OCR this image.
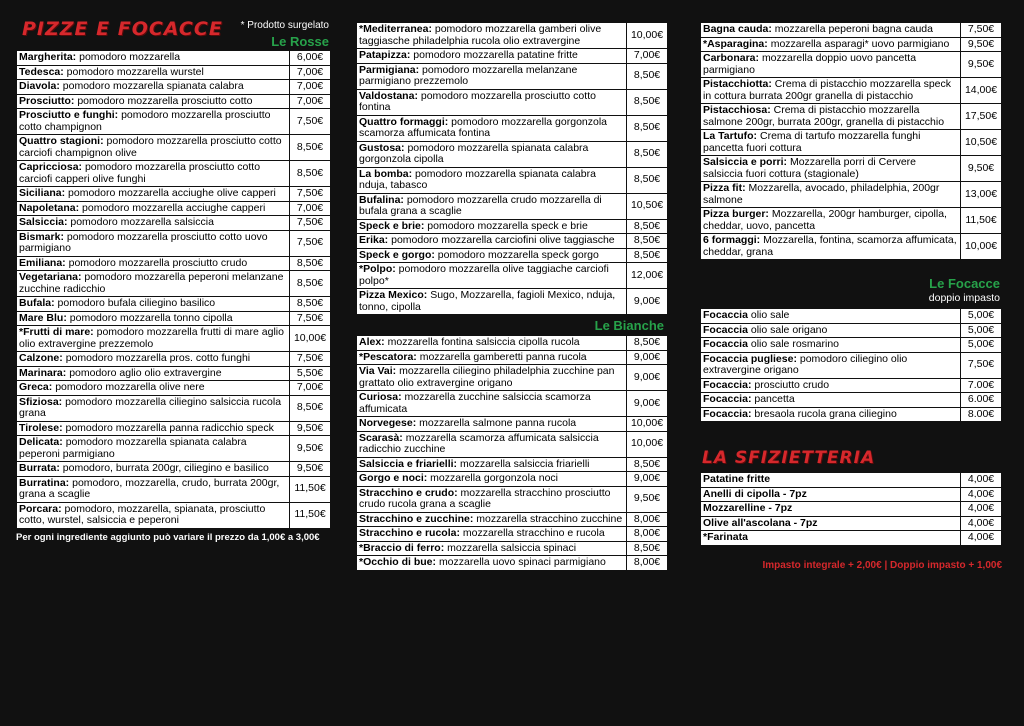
PIZZE E FOCACCE * Prodotto surgelato
Le Rosse
Margherita: pomodoro mozzarella	6,00€
Tedesca: pomodoro mozzarella wurstel	7,00€
Diavola: pomodoro mozzarella spianata calabra	7,00€
Prosciutto: pomodoro mozzarella prosciutto cotto	7,00€
Prosciutto e funghi: pomodoro mozzarella prosciutto cotto champignon	7,50€
Quattro stagioni: pomodoro mozzarella prosciutto cotto carciofi champignon olive	8,50€
Capricciosa: pomodoro mozzarella prosciutto cotto carciofi capperi olive funghi	8,50€
Siciliana: pomodoro mozzarella acciughe olive capperi	7,50€
Napoletana: pomodoro mozzarella acciughe capperi	7,00€
Salsiccia: pomodoro mozzarella salsiccia	7,50€
Bismark: pomodoro mozzarella prosciutto cotto uovo parmigiano	7,50€
Emiliana: pomodoro mozzarella prosciutto crudo	8,50€
Vegetariana: pomodoro mozzarella peperoni melanzane zucchine radicchio	8,50€
Bufala: pomodoro bufala ciliegino basilico	8,50€
Mare Blu: pomodoro mozzarella tonno cipolla	7,50€
*Frutti di mare: pomodoro mozzarella frutti di mare aglio olio extravergine prezzemolo	10,00€
Calzone: pomodoro mozzarella pros. cotto funghi	7,50€
Marinara: pomodoro aglio olio extravergine	5,50€
Greca: pomodoro mozzarella olive nere	7,00€
Sfiziosa: pomodoro mozzarella ciliegino salsiccia rucola grana	8,50€
Tirolese: pomodoro mozzarella panna radicchio speck	9,50€
Delicata: pomodoro mozzarella spianata calabra peperoni parmigiano	9,50€
Burrata: pomodoro, burrata 200gr, ciliegino e basilico	9,50€
Burratina: pomodoro, mozzarella, crudo, burrata 200gr, grana a scaglie	11,50€
Porcara: pomodoro, mozzarella, spianata, prosciutto cotto, wurstel, salsiccia e peperoni	11,50€
Per ogni ingrediente aggiunto può variare il prezzo da 1,00€ a 3,00€
*Mediterranea: pomodoro mozzarella gamberi olive taggiasche philadelphia rucola olio extravergine	10,00€
Patapizza: pomodoro mozzarella patatine fritte	7,00€
Parmigiana: pomodoro mozzarella melanzane parmigiano prezzemolo	8,50€
Valdostana: pomodoro mozzarella prosciutto cotto fontina	8,50€
Quattro formaggi: pomodoro mozzarella gorgonzola scamorza affumicata fontina	8,50€
Gustosa: pomodoro mozzarella spianata calabra gorgonzola cipolla	8,50€
La bomba: pomodoro mozzarella spianata calabra nduja, tabasco	8,50€
Bufalina: pomodoro mozzarella crudo mozzarella di bufala grana a scaglie	10,50€
Speck e brie: pomodoro mozzarella speck e brie	8,50€
Erika: pomodoro mozzarella carciofini olive taggiasche	8,50€
Speck e gorgo: pomodoro mozzarella speck gorgo	8,50€
*Polpo: pomodoro mozzarella olive taggiache carciofi polpo*	12,00€
Pizza Mexico: Sugo, Mozzarella, fagioli Mexico, nduja, tonno, cipolla	9,00€
Le Bianche
Alex: mozzarella fontina salsiccia cipolla rucola	8,50€
*Pescatora: mozzarella gamberetti panna rucola	9,00€
Via Vai: mozzarella ciliegino philadelphia zucchine pan grattato olio extravergine origano	9,00€
Curiosa: mozzarella zucchine salsiccia scamorza affumicata	9,00€
Norvegese: mozzarella salmone panna rucola	10,00€
Scarasà: mozzarella scamorza affumicata salsiccia radicchio zucchine	10,00€
Salsiccia e friarielli: mozzarella salsiccia friarielli	8,50€
Gorgo e noci: mozzarella gorgonzola noci	9,00€
Stracchino e crudo: mozzarella stracchino prosciutto crudo rucola grana a scaglie	9,50€
Stracchino e zucchine: mozzarella stracchino zucchine	8,00€
Stracchino e rucola: mozzarella stracchino e rucola	8,00€
*Braccio di ferro: mozzarella salsiccia spinaci	8,50€
*Occhio di bue: mozzarella uovo spinaci parmigiano	8,00€
Bagna cauda: mozzarella peperoni bagna cauda	7,50€
*Asparagina: mozzarella asparagi* uovo parmigiano	9,50€
Carbonara: mozzarella doppio uovo pancetta parmigiano	9,50€
Pistacchiotta: Crema di pistacchio mozzarella speck in cottura burrata 200gr granella di pistacchio	14,00€
Pistacchiosa: Crema di pistacchio mozzarella salmone 200gr, burrata 200gr, granella di pistacchio	17,50€
La Tartufo: Crema di tartufo mozzarella funghi pancetta fuori cottura	10,50€
Salsiccia e porri: Mozzarella porri di Cervere salsiccia fuori cottura (stagionale)	9,50€
Pizza fit: Mozzarella, avocado, philadelphia, 200gr salmone	13,00€
Pizza burger: Mozzarella, 200gr hamburger, cipolla, cheddar, uovo, pancetta	11,50€
6 formaggi: Mozzarella, fontina, scamorza affumicata, cheddar, grana	10,00€
Le Focacce
doppio impasto
Focaccia olio sale	5,00€
Focaccia olio sale origano	5,00€
Focaccia olio sale rosmarino	5,00€
Focaccia pugliese: pomodoro ciliegino olio extravergine origano	7,50€
Focaccia: prosciutto crudo	7.00€
Focaccia: pancetta	6.00€
Focaccia: bresaola rucola grana ciliegino	8.00€
LA SFIZIETTERIA
Patatine fritte	4,00€
Anelli di cipolla - 7pz	4,00€
Mozzarelline - 7pz	4,00€
Olive all'ascolana - 7pz	4,00€
*Farinata	4,00€
Impasto integrale + 2,00€ | Doppio impasto + 1,00€
